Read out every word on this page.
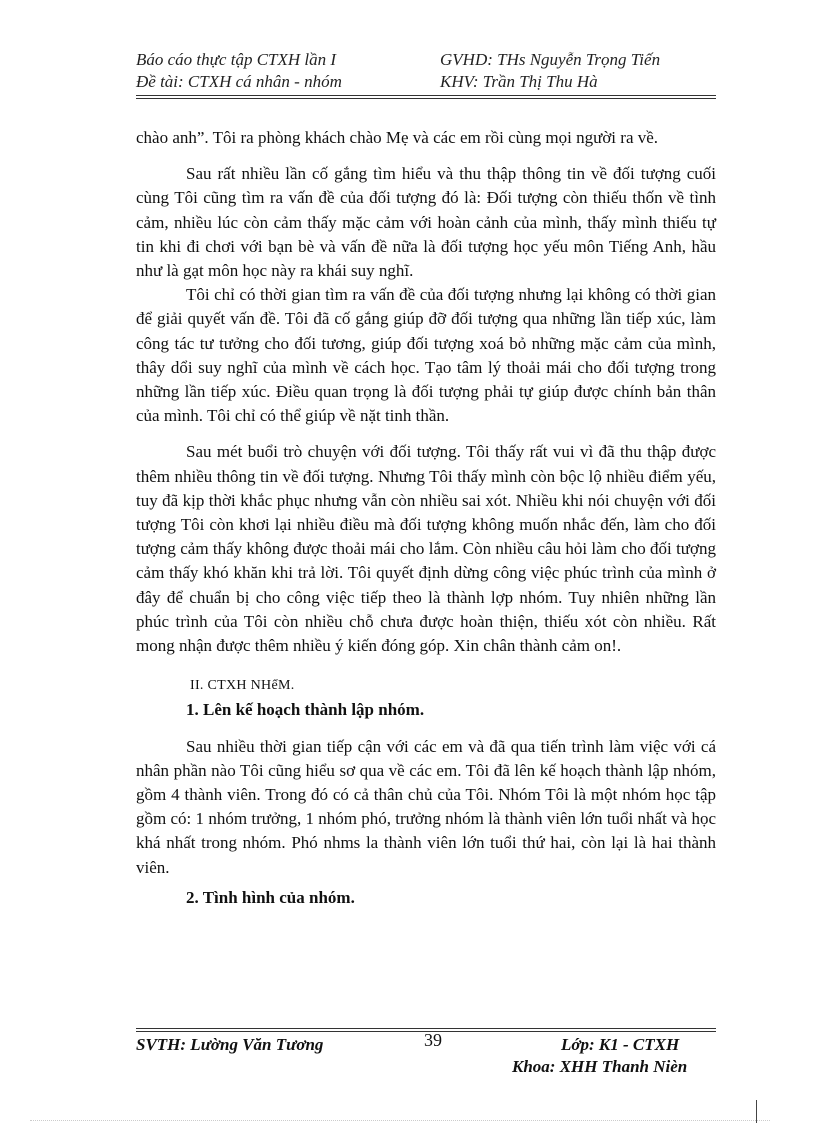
Báo cáo thực tập CTXH lần I	GVHD: THs Nguyễn Trọng Tiến
Đề tài: CTXH cá nhân - nhóm	KHV: Trần Thị Thu Hà

chào anh”. Tôi ra phòng khách chào Mẹ và các em rồi cùng mọi người ra về.

Sau rất nhiều lần cố gắng tìm hiểu và thu thập thông tin về đối tượng cuối cùng Tôi cũng tìm ra vấn đề của đối tượng đó là: Đối tượng còn thiếu thốn về tình cảm, nhiều lúc còn cảm thấy mặc cảm với hoàn cảnh của mình, thấy mình thiếu tự tin khi đi chơi với bạn bè và vấn đề nữa là đối tượng học yếu môn Tiếng Anh, hầu như là gạt môn học này ra khái suy nghĩ.

Tôi chỉ có thời gian tìm ra vấn đề của đối tượng nhưng lại không có thời gian để giải quyết vấn đề. Tôi đã cố gắng giúp đỡ đối tượng qua những lần tiếp xúc, làm công tác tư tưởng cho đối tương, giúp đối tượng xoá bỏ những mặc cảm của mình, thây dổi suy nghĩ của mình về cách học. Tạo tâm lý thoải mái cho đối tượng trong những lần tiếp xúc. Điều quan trọng là đối tượng phải tự giúp được chính bản thân của mình. Tôi chỉ có thể giúp về nặt tinh thần.

Sau mét buổi trò chuyện với đối tượng. Tôi thấy rất vui vì đã thu thập được thêm nhiều thông tin về đối tượng. Nhưng Tôi thấy mình còn bộc lộ nhiều điểm yếu, tuy đã kịp thời khắc phục nhưng vẫn còn nhiều sai xót. Nhiều khi nói chuyện với đối tượng Tôi còn khơi lại nhiều điều mà đối tượng không muốn nhắc đến, làm cho đối tượng cảm thấy không được thoải mái cho lắm. Còn nhiều câu hỏi làm cho đối tượng cảm thấy khó khăn khi trả lời. Tôi quyết định dừng công việc phúc trình của mình ở đây để chuẩn bị cho công việc tiếp theo là thành lợp nhóm. Tuy nhiên những lần phúc trình của Tôi còn nhiều chỗ chưa được hoàn thiện, thiếu xót còn nhiều. Rất mong nhận được thêm nhiều ý kiến đóng góp. Xin chân thành cảm on!.

II. CTXH NHểM.

1. Lên kế hoạch thành lập nhóm.

Sau nhiều thời gian tiếp cận với các em và đã qua tiến trình làm việc với cá nhân phần nào Tôi cũng hiểu sơ qua về các em. Tôi đã lên kế hoạch thành lập nhóm, gồm 4 thành viên. Trong đó có cả thân chủ của Tôi. Nhóm Tôi là một nhóm học tập gồm có: 1 nhóm trưởng, 1 nhóm phó, trưởng nhóm là thành viên lớn tuổi nhất và học khá nhất trong nhóm. Phó nhms la thành viên lớn tuổi thứ hai, còn lại là hai thành viên.

2. Tình hình của nhóm.

SVTH: Lường Văn Tương	39	Lớp: K1 - CTXH
Khoa: XHH Thanh Nièn
